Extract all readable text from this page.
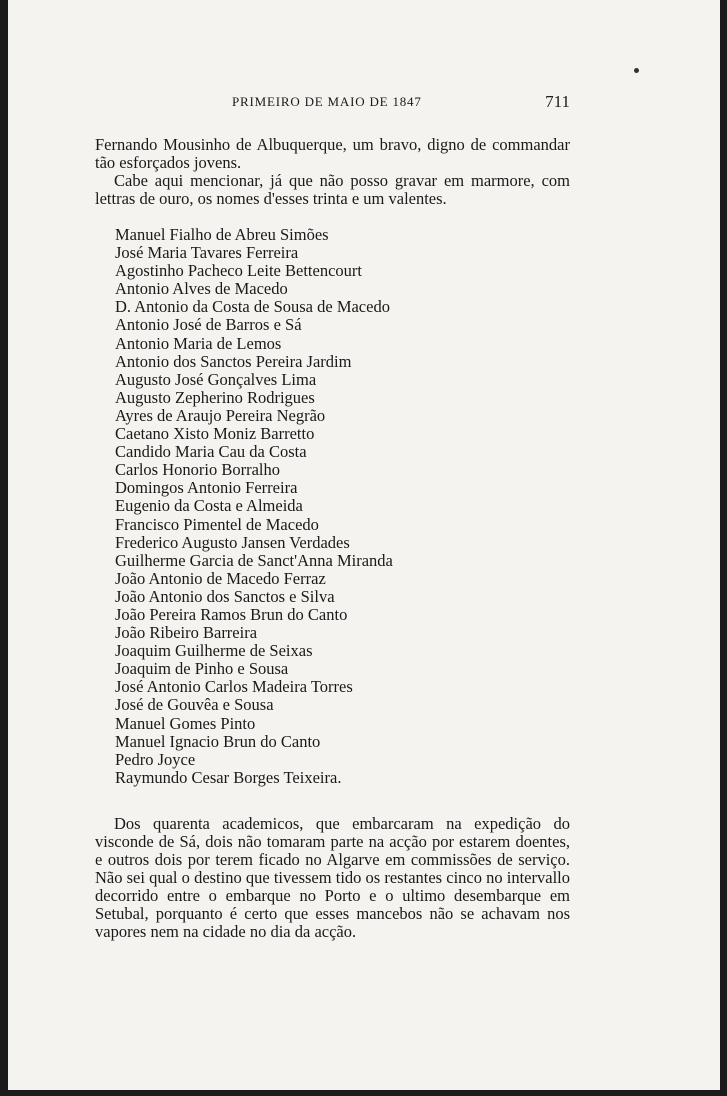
PRIMEIRO DE MAIO DE 1847	711

Fernando Mousinho de Albuquerque, um bravo, digno de commandar tão esforçados jovens.

Cabe aqui mencionar, já que não posso gravar em marmore, com lettras de ouro, os nomes d'esses trinta e um valentes.

Manuel Fialho de Abreu Simões
José Maria Tavares Ferreira
Agostinho Pacheco Leite Bettencourt
Antonio Alves de Macedo
D. Antonio da Costa de Sousa de Macedo
Antonio José de Barros e Sá
Antonio Maria de Lemos
Antonio dos Sanctos Pereira Jardim
Augusto José Gonçalves Lima
Augusto Zepherino Rodrigues
Ayres de Araujo Pereira Negrão
Caetano Xisto Moniz Barretto
Candido Maria Cau da Costa
Carlos Honorio Borralho
Domingos Antonio Ferreira
Eugenio da Costa e Almeida
Francisco Pimentel de Macedo
Frederico Augusto Jansen Verdades
Guilherme Garcia de Sanct'Anna Miranda
João Antonio de Macedo Ferraz
João Antonio dos Sanctos e Silva
João Pereira Ramos Brun do Canto
João Ribeiro Barreira
Joaquim Guilherme de Seixas
Joaquim de Pinho e Sousa
José Antonio Carlos Madeira Torres
José de Gouvêa e Sousa
Manuel Gomes Pinto
Manuel Ignacio Brun do Canto
Pedro Joyce
Raymundo Cesar Borges Teixeira.

Dos quarenta academicos, que embarcaram na expedição do visconde de Sá, dois não tomaram parte na acção por estarem doentes, e outros dois por terem ficado no Algarve em commissões de serviço. Não sei qual o destino que tivessem tido os restantes cinco no intervallo decorrido entre o embarque no Porto e o ultimo desembarque em Setubal, porquanto é certo que esses mancebos não se achavam nos vapores nem na cidade no dia da acção.
